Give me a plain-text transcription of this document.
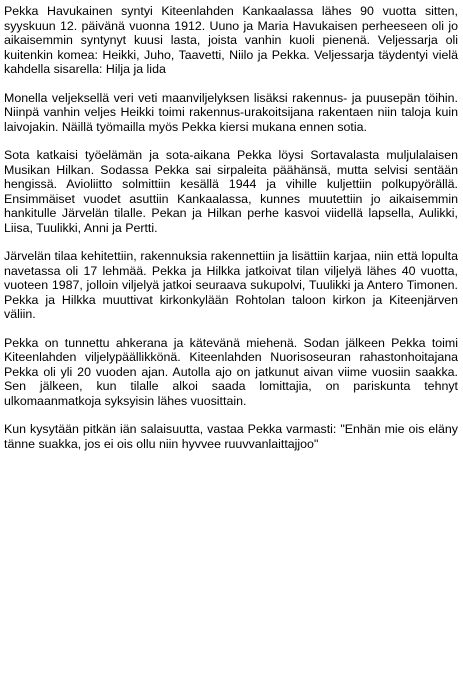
Pekka Havukainen syntyi Kiteenlahden Kankaalassa lähes 90 vuotta sitten, syyskuun 12. päivänä vuonna 1912. Uuno ja Maria Havukaisen perheeseen oli jo aikaisemmin syntynyt kuusi lasta, joista vanhin kuoli pienenä. Veljessarja oli kuitenkin komea: Heikki, Juho, Taavetti, Niilo ja Pekka. Veljessarja täydentyi vielä kahdella sisarella: Hilja ja lida

Monella veljeksellä veri veti maanviljelyksen lisäksi rakennus- ja puusepän töihin. Niinpä vanhin veljes Heikki toimi rakennus-urakoitsijana rakentaen niin taloja kuin laivojakin. Näillä työmailla myös Pekka kiersi mukana ennen sotia.

Sota katkaisi työelämän ja sota-aikana Pekka löysi Sortavalasta muljulalaisen Musikan Hilkan. Sodassa Pekka sai sirpaleita päähänsä, mutta selvisi sentään hengissä. Avioliitto solmittiin kesällä 1944 ja vihille kuljettiin polkupyörällä. Ensimmäiset vuodet asuttiin Kankaalassa, kunnes muutettiin jo aikaisemmin hankitulle Järvelän tilalle. Pekan ja Hilkan perhe kasvoi viidellä lapsella, Aulikki, Liisa, Tuulikki, Anni ja Pertti.

Järvelän tilaa kehitettiin, rakennuksia rakennettiin ja lisättiin karjaa, niin että lopulta navetassa oli 17 lehmää. Pekka ja Hilkka jatkoivat tilan viljelyä lähes 40 vuotta, vuoteen 1987, jolloin viljelyä jatkoi seuraava sukupolvi, Tuulikki ja Antero Timonen. Pekka ja Hilkka muuttivat kirkonkylään Rohtolan taloon kirkon ja Kiteenjärven väliin.

Pekka on tunnettu ahkerana ja kätevänä miehenä. Sodan jälkeen Pekka toimi Kiteenlahden viljelypäällikkönä. Kiteenlahden Nuorisoseuran rahastonhoitajana Pekka oli yli 20 vuoden ajan. Autolla ajo on jatkunut aivan viime vuosiin saakka. Sen jälkeen, kun tilalle alkoi saada lomittajia, on pariskunta tehnyt ulkomaanmatkoja syksyisin lähes vuosittain.

Kun kysytään pitkän iän salaisuutta, vastaa Pekka varmasti: "Enhän mie ois eläny tänne suakka, jos ei ois ollu niin hyvvee ruuvvanlaittajjoo"
